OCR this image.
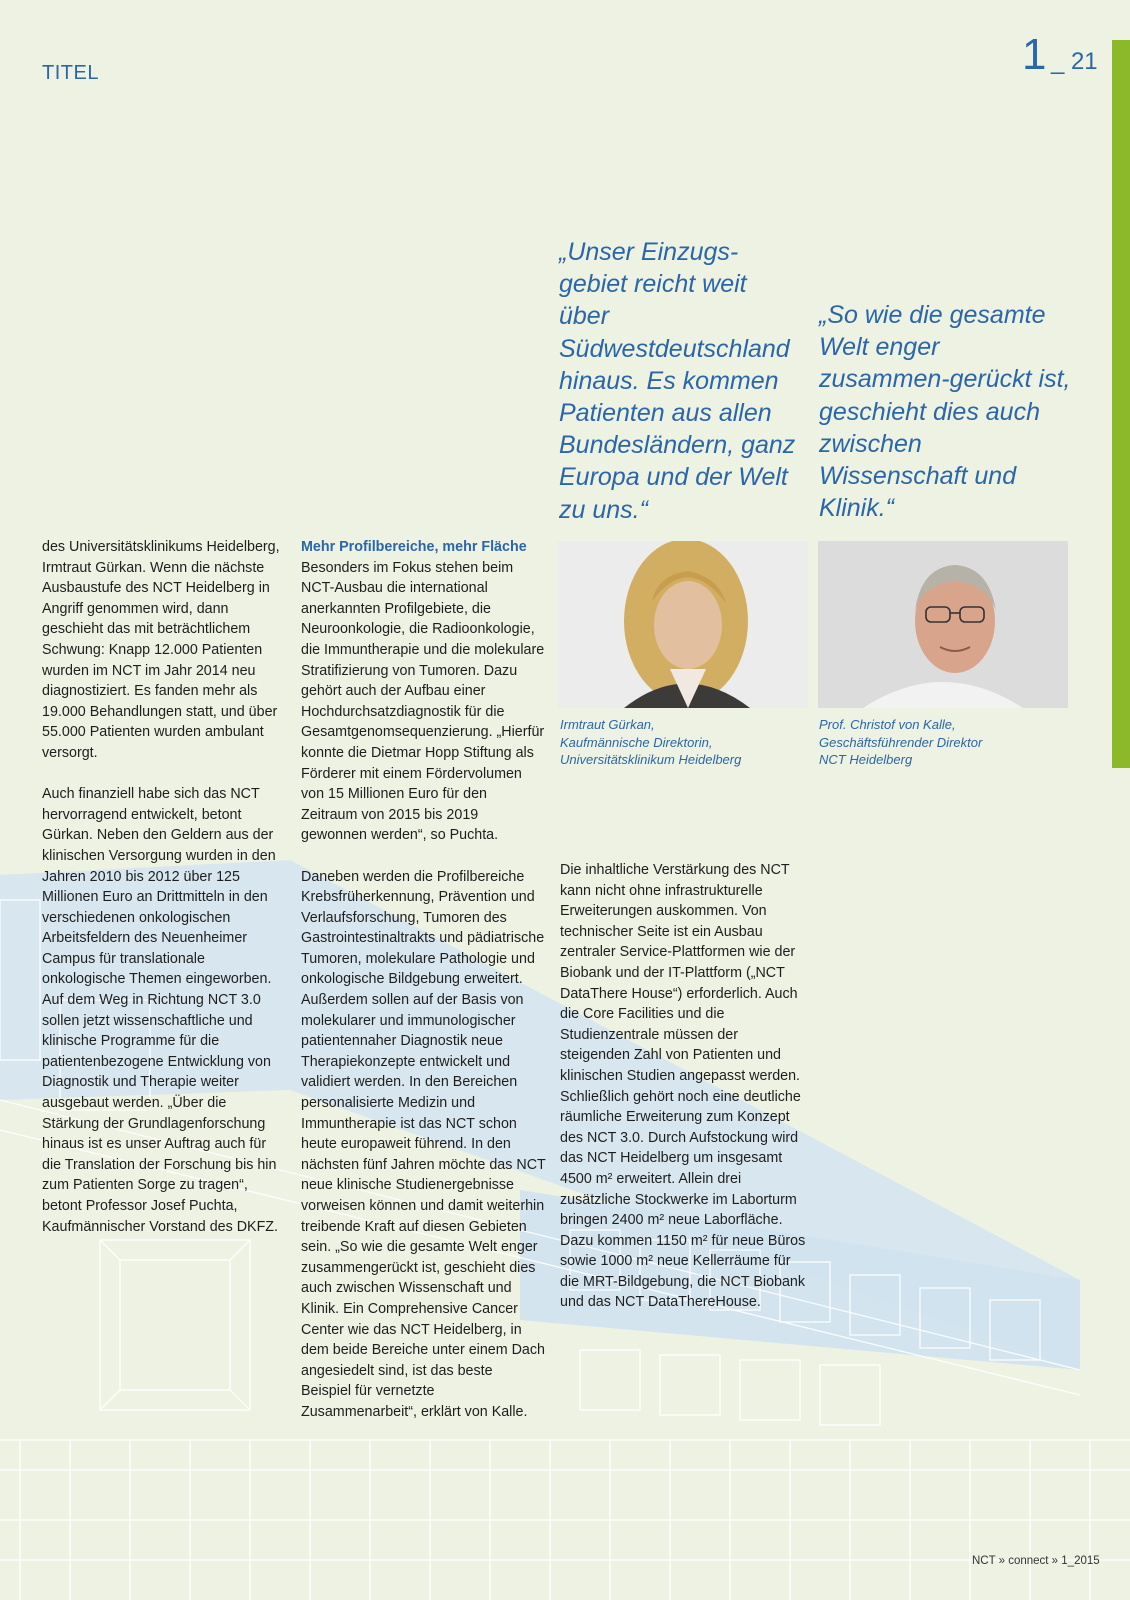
TITEL	1 _ 21

„Unser Einzugs-gebiet reicht weit über Südwestdeutschland hinaus. Es kommen Patienten aus allen Bundesländern, ganz Europa und der Welt zu uns.“

„So wie die gesamte Welt enger zusammen-gerückt ist, geschieht dies auch zwischen Wissenschaft und Klinik.“

des Universitätsklinikums Heidelberg, Irmtraut Gürkan. Wenn die nächste Ausbaustufe des NCT Heidelberg in Angriff genommen wird, dann geschieht das mit beträchtlichem Schwung: Knapp 12.000 Patienten wurden im NCT im Jahr 2014 neu diagnostiziert. Es fanden mehr als 19.000 Behandlungen statt, und über 55.000 Patienten wurden ambulant versorgt.

Auch finanziell habe sich das NCT hervorragend entwickelt, betont Gürkan. Neben den Geldern aus der klinischen Versorgung wurden in den Jahren 2010 bis 2012 über 125 Millionen Euro an Drittmitteln in den verschiedenen onkologischen Arbeitsfeldern des Neuenheimer Campus für translationale onkologische Themen eingeworben. Auf dem Weg in Richtung NCT 3.0 sollen jetzt wissenschaftliche und klinische Programme für die patientenbezogene Entwicklung von Diagnostik und Therapie weiter ausgebaut werden. „Über die Stärkung der Grundlagenforschung hinaus ist es unser Auftrag auch für die Translation der Forschung bis hin zum Patienten Sorge zu tragen“, betont Professor Josef Puchta, Kaufmännischer Vorstand des DKFZ.

Mehr Profilbereiche, mehr Fläche

Besonders im Fokus stehen beim NCT-Ausbau die international anerkannten Profilgebiete, die Neuroonkologie, die Radioonkologie, die Immuntherapie und die molekulare Stratifizierung von Tumoren. Dazu gehört auch der Aufbau einer Hochdurchsatzdiagnostik für die Gesamtgenomsequenzierung. „Hierfür konnte die Dietmar Hopp Stiftung als Förderer mit einem Fördervolumen von 15 Millionen Euro für den Zeitraum von 2015 bis 2019 gewonnen werden“, so Puchta.

Daneben werden die Profilbereiche Krebsfrüherkennung, Prävention und Verlaufsforschung, Tumoren des Gastrointestinaltrakts und pädiatrische Tumoren, molekulare Pathologie und onkologische Bildgebung erweitert. Außerdem sollen auf der Basis von molekularer und immunologischer patientennaher Diagnostik neue Therapiekonzepte entwickelt und validiert werden. In den Bereichen personalisierte Medizin und Immuntherapie ist das NCT schon heute europaweit führend. In den nächsten fünf Jahren möchte das NCT neue klinische Studienergebnisse vorweisen können und damit weiterhin treibende Kraft auf diesen Gebieten sein. „So wie die gesamte Welt enger zusammengerückt ist, geschieht dies auch zwischen Wissenschaft und Klinik. Ein Comprehensive Cancer Center wie das NCT Heidelberg, in dem beide Bereiche unter einem Dach angesiedelt sind, ist das beste Beispiel für vernetzte Zusammenarbeit“, erklärt von Kalle.

Die inhaltliche Verstärkung des NCT kann nicht ohne infrastrukturelle Erweiterungen auskommen. Von technischer Seite ist ein Ausbau zentraler Service-Plattformen wie der Biobank und der IT-Plattform („NCT DataThere House“) erforderlich. Auch die Core Facilities und die Studienzentrale müssen der steigenden Zahl von Patienten und klinischen Studien angepasst werden. Schließlich gehört noch eine deutliche räumliche Erweiterung zum Konzept des NCT 3.0. Durch Aufstockung wird das NCT Heidelberg um insgesamt 4500 m² erweitert. Allein drei zusätzliche Stockwerke im Laborturm bringen 2400 m² neue Laborfläche. Dazu kommen 1150 m² für neue Büros sowie 1000 m² neue Kellerräume für die MRT-Bildgebung, die NCT Biobank und das NCT DataThereHouse.

Irmtraut Gürkan,
Kaufmännische Direktorin,
Universitätsklinikum Heidelberg
Prof. Christof von Kalle,
Geschäftsführender Direktor
NCT Heidelberg
NCT » connect » 1_2015
